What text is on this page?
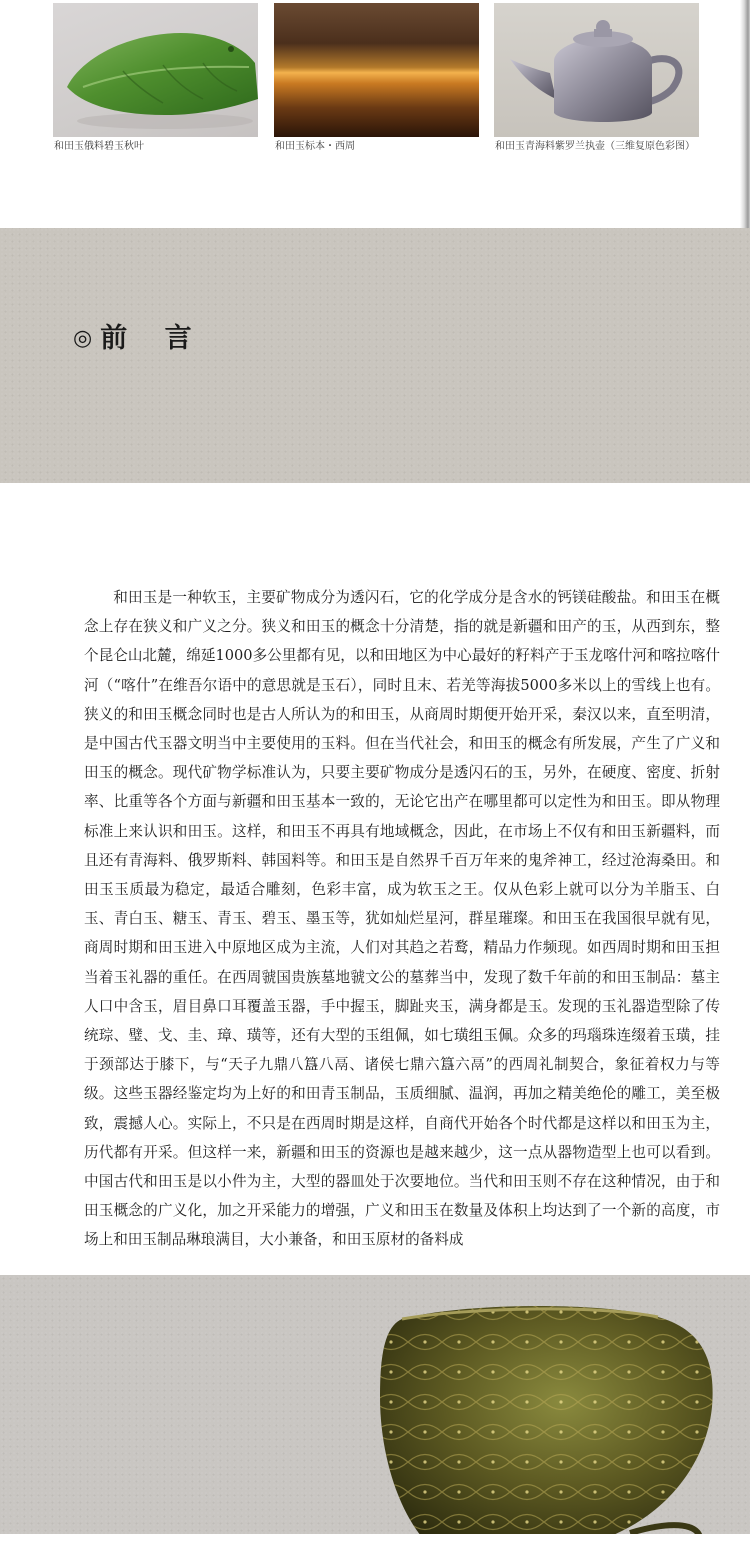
和田玉俄料碧玉秋叶	和田玉标本・西周	和田玉青海料紫罗兰执壶（三维复原色彩图）
◎ 前 言

和田玉是一种软玉，主要矿物成分为透闪石，它的化学成分是含水的钙镁硅酸盐。和田玉在概念上存在狭义和广义之分。狭义和田玉的概念十分清楚，指的就是新疆和田产的玉，从西到东，整个昆仑山北麓，绵延1000多公里都有见，以和田地区为中心最好的籽料产于玉龙喀什河和喀拉喀什河（“喀什”在维吾尔语中的意思就是玉石），同时且末、若羌等海拔5000多米以上的雪线上也有。狭义的和田玉概念同时也是古人所认为的和田玉，从商周时期便开始开采，秦汉以来，直至明清，是中国古代玉器文明当中主要使用的玉料。但在当代社会，和田玉的概念有所发展，产生了广义和田玉的概念。现代矿物学标准认为，只要主要矿物成分是透闪石的玉，另外，在硬度、密度、折射率、比重等各个方面与新疆和田玉基本一致的，无论它出产在哪里都可以定性为和田玉。即从物理标准上来认识和田玉。这样，和田玉不再具有地域概念，因此，在市场上不仅有和田玉新疆料，而且还有青海料、俄罗斯料、韩国料等。和田玉是自然界千百万年来的鬼斧神工，经过沧海桑田。和田玉玉质最为稳定，最适合雕刻，色彩丰富，成为软玉之王。仅从色彩上就可以分为羊脂玉、白玉、青白玉、糖玉、青玉、碧玉、墨玉等，犹如灿烂星河，群星璀璨。和田玉在我国很早就有见，商周时期和田玉进入中原地区成为主流，人们对其趋之若鹜，精品力作频现。如西周时期和田玉担当着玉礼器的重任。在西周虢国贵族墓地虢文公的墓葬当中，发现了数千年前的和田玉制品：墓主人口中含玉，眉目鼻口耳覆盖玉器，手中握玉，脚趾夹玉，满身都是玉。发现的玉礼器造型除了传统琮、璧、戈、圭、璋、璜等，还有大型的玉组佩，如七璜组玉佩。众多的玛瑙珠连缀着玉璜，挂于颈部达于膝下，与“天子九鼎八簋八鬲、诸侯七鼎六簋六鬲”的西周礼制契合，象征着权力与等级。这些玉器经鉴定均为上好的和田青玉制品，玉质细腻、温润，再加之精美绝伦的雕工，美至极致，震撼人心。实际上，不只是在西周时期是这样，自商代开始各个时代都是这样以和田玉为主，历代都有开采。但这样一来，新疆和田玉的资源也是越来越少，这一点从器物造型上也可以看到。中国古代和田玉是以小件为主，大型的器皿处于次要地位。当代和田玉则不存在这种情况，由于和田玉概念的广义化，加之开采能力的增强，广义和田玉在数量及体积上均达到了一个新的高度，市场上和田玉制品琳琅满目，大小兼备，和田玉原材的备料成
